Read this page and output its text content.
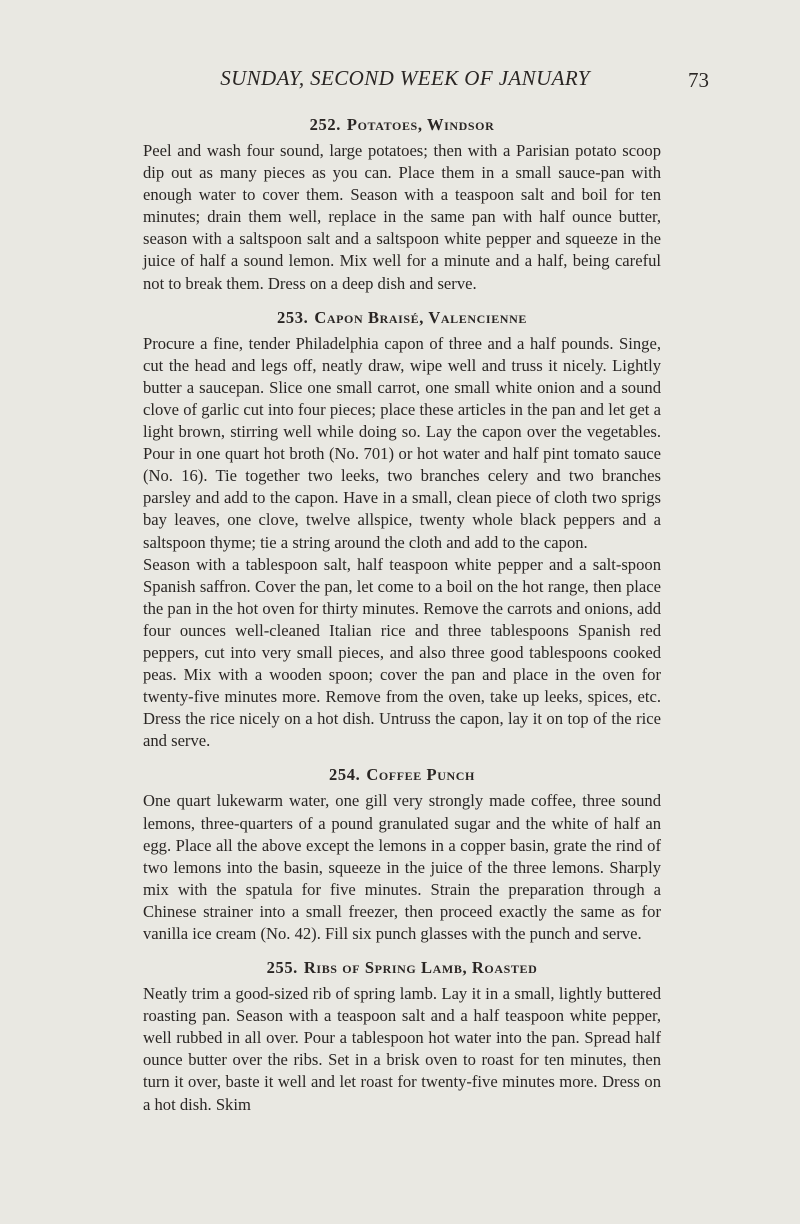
SUNDAY, SECOND WEEK OF JANUARY	73
252. Potatoes, Windsor

Peel and wash four sound, large potatoes; then with a Parisian potato scoop dip out as many pieces as you can. Place them in a small sauce-pan with enough water to cover them. Season with a teaspoon salt and boil for ten minutes; drain them well, replace in the same pan with half ounce butter, season with a saltspoon salt and a saltspoon white pepper and squeeze in the juice of half a sound lemon. Mix well for a minute and a half, being careful not to break them. Dress on a deep dish and serve.

253. Capon Braisé, Valencienne

Procure a fine, tender Philadelphia capon of three and a half pounds. Singe, cut the head and legs off, neatly draw, wipe well and truss it nicely. Lightly butter a saucepan. Slice one small carrot, one small white onion and a sound clove of garlic cut into four pieces; place these articles in the pan and let get a light brown, stirring well while doing so. Lay the capon over the vegetables. Pour in one quart hot broth (No. 701) or hot water and half pint tomato sauce (No. 16). Tie together two leeks, two branches celery and two branches parsley and add to the capon. Have in a small, clean piece of cloth two sprigs bay leaves, one clove, twelve allspice, twenty whole black peppers and a saltspoon thyme; tie a string around the cloth and add to the capon.

Season with a tablespoon salt, half teaspoon white pepper and a salt-spoon Spanish saffron. Cover the pan, let come to a boil on the hot range, then place the pan in the hot oven for thirty minutes. Remove the carrots and onions, add four ounces well-cleaned Italian rice and three tablespoons Spanish red peppers, cut into very small pieces, and also three good tablespoons cooked peas. Mix with a wooden spoon; cover the pan and place in the oven for twenty-five minutes more. Remove from the oven, take up leeks, spices, etc. Dress the rice nicely on a hot dish. Untruss the capon, lay it on top of the rice and serve.

254. Coffee Punch

One quart lukewarm water, one gill very strongly made coffee, three sound lemons, three-quarters of a pound granulated sugar and the white of half an egg. Place all the above except the lemons in a copper basin, grate the rind of two lemons into the basin, squeeze in the juice of the three lemons. Sharply mix with the spatula for five minutes. Strain the preparation through a Chinese strainer into a small freezer, then proceed exactly the same as for vanilla ice cream (No. 42). Fill six punch glasses with the punch and serve.

255. Ribs of Spring Lamb, Roasted

Neatly trim a good-sized rib of spring lamb. Lay it in a small, lightly buttered roasting pan. Season with a teaspoon salt and a half teaspoon white pepper, well rubbed in all over. Pour a tablespoon hot water into the pan. Spread half ounce butter over the ribs. Set in a brisk oven to roast for ten minutes, then turn it over, baste it well and let roast for twenty-five minutes more. Dress on a hot dish. Skim
